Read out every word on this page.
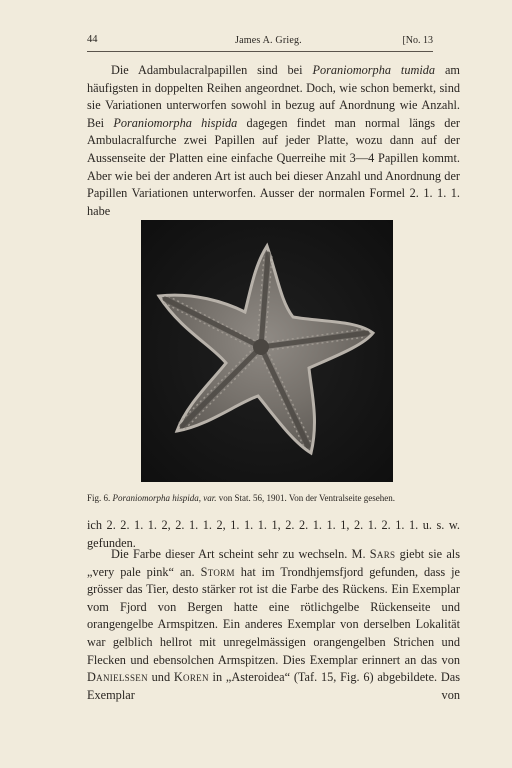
44	James A. Grieg.	[No. 13

Die Adambulacralpapillen sind bei Poraniomorpha tumida am häufigsten in doppelten Reihen angeordnet. Doch, wie schon bemerkt, sind sie Variationen unterworfen sowohl in bezug auf Anordnung wie Anzahl. Bei Poraniomorpha hispida dagegen findet man normal längs der Ambulacralfurche zwei Papillen auf jeder Platte, wozu dann auf der Aussenseite der Platten eine einfache Querreihe mit 3—4 Papillen kommt. Aber wie bei der anderen Art ist auch bei dieser Anzahl und Anordnung der Papillen Variationen unterworfen. Ausser der normalen Formel 2. 1. 1. 1. habe

Fig. 6. Poraniomorpha hispida, var. von Stat. 56, 1901. Von der Ventralseite gesehen.

ich 2. 2. 1. 1. 2, 2. 1. 1. 2, 1. 1. 1. 1, 2. 2. 1. 1. 1, 2. 1. 2. 1. 1. u. s. w. gefunden.

Die Farbe dieser Art scheint sehr zu wechseln. M. Sars giebt sie als „very pale pink“ an. Storm hat im Trondhjemsfjord gefunden, dass je grösser das Tier, desto stärker rot ist die Farbe des Rückens. Ein Exemplar vom Fjord von Bergen hatte eine rötlichgelbe Rückenseite und orangengelbe Armspitzen. Ein anderes Exemplar von derselben Lokalität war gelblich hellrot mit unregelmässigen orangengelben Strichen und Flecken und ebensolchen Armspitzen. Dies Exemplar erinnert an das von Danielssen und Koren in „Asteroidea“ (Taf. 15, Fig. 6) abgebildete. Das Exemplar von
